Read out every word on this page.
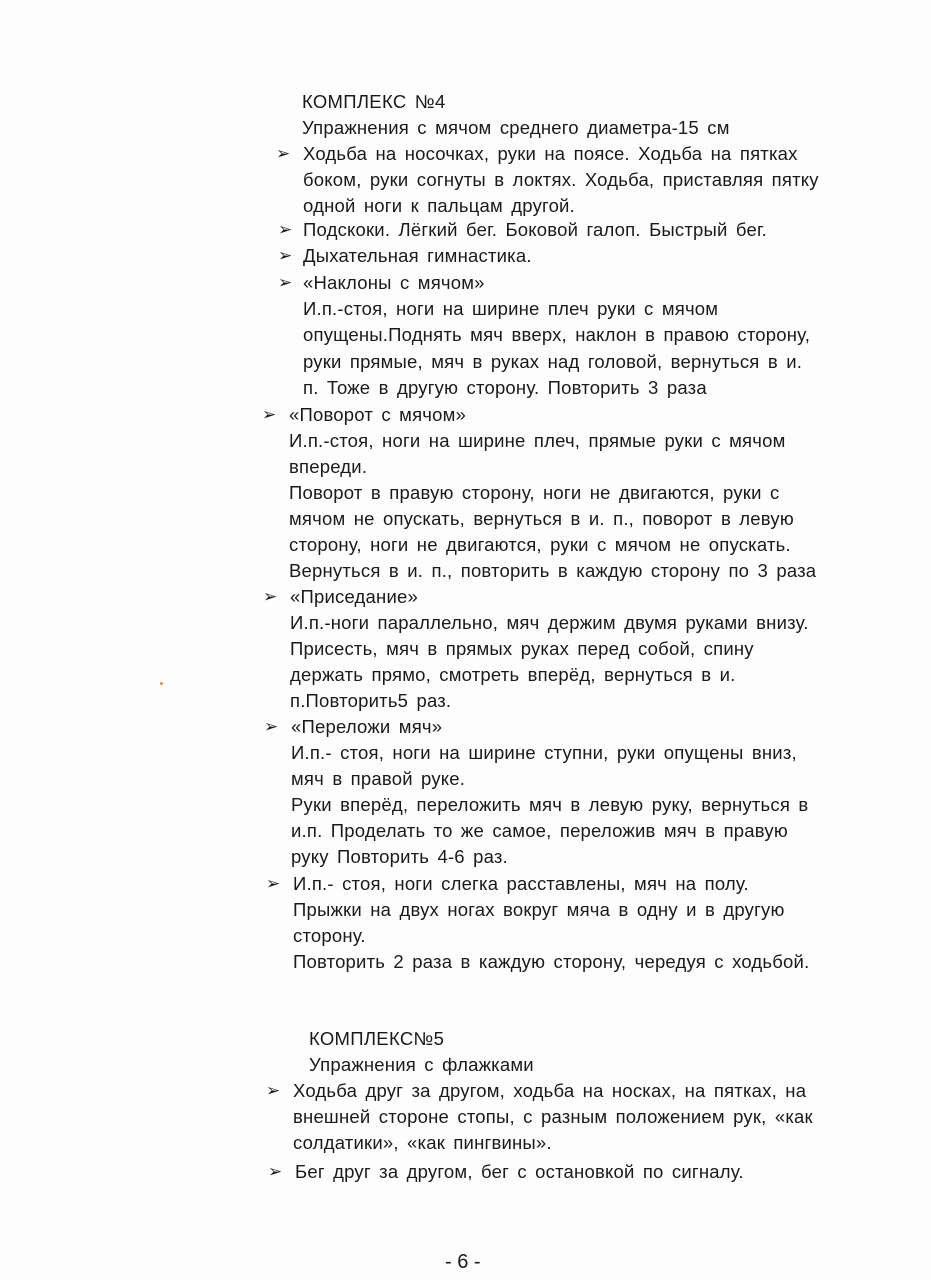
КОМПЛЕКС №4
Упражнения с мячом среднего диаметра-15 см
➢ Ходьба на носочках, руки на поясе. Ходьба на пятках
боком, руки согнуты в локтях. Ходьба, приставляя пятку
одной ноги к пальцам другой.
➢ Подскоки. Лёгкий бег. Боковой галоп. Быстрый бег.
➢ Дыхательная гимнастика.
➢ «Наклоны с мячом»
И.п.-стоя, ноги на ширине плеч руки с мячом
опущены.Поднять мяч вверх, наклон в правою сторону,
руки прямые, мяч в руках над головой, вернуться в и.
п. Тоже в другую сторону. Повторить 3 раза
➢ «Поворот с мячом»
И.п.-стоя, ноги на ширине плеч, прямые руки с мячом
впереди.
Поворот в правую сторону, ноги не двигаются, руки с
мячом не опускать, вернуться в и. п., поворот в левую
сторону, ноги не двигаются, руки с мячом не опускать.
Вернуться в и. п., повторить в каждую сторону по 3 раза
➢ «Приседание»
И.п.-ноги параллельно, мяч держим двумя руками внизу.
Присесть, мяч в прямых руках перед собой, спину
держать прямо, смотреть вперёд, вернуться в и.
п.Повторить5 раз.
➢ «Переложи мяч»
И.п.- стоя, ноги на ширине ступни, руки опущены вниз,
мяч в правой руке.
Руки вперёд, переложить мяч в левую руку, вернуться в
и.п. Проделать то же самое, переложив мяч в правую
руку Повторить 4-6 раз.
➢ И.п.- стоя, ноги слегка расставлены, мяч на полу.
Прыжки на двух ногах вокруг мяча в одну и в другую
сторону.
Повторить 2 раза в каждую сторону, чередуя с ходьбой.
КОМПЛЕКС№5
Упражнения с флажками
➢ Ходьба друг за другом, ходьба на носках, на пятках, на
внешней стороне стопы, с разным положением рук, «как
солдатики», «как пингвины».
➢ Бег друг за другом, бег с остановкой по сигналу.
- 6 -
